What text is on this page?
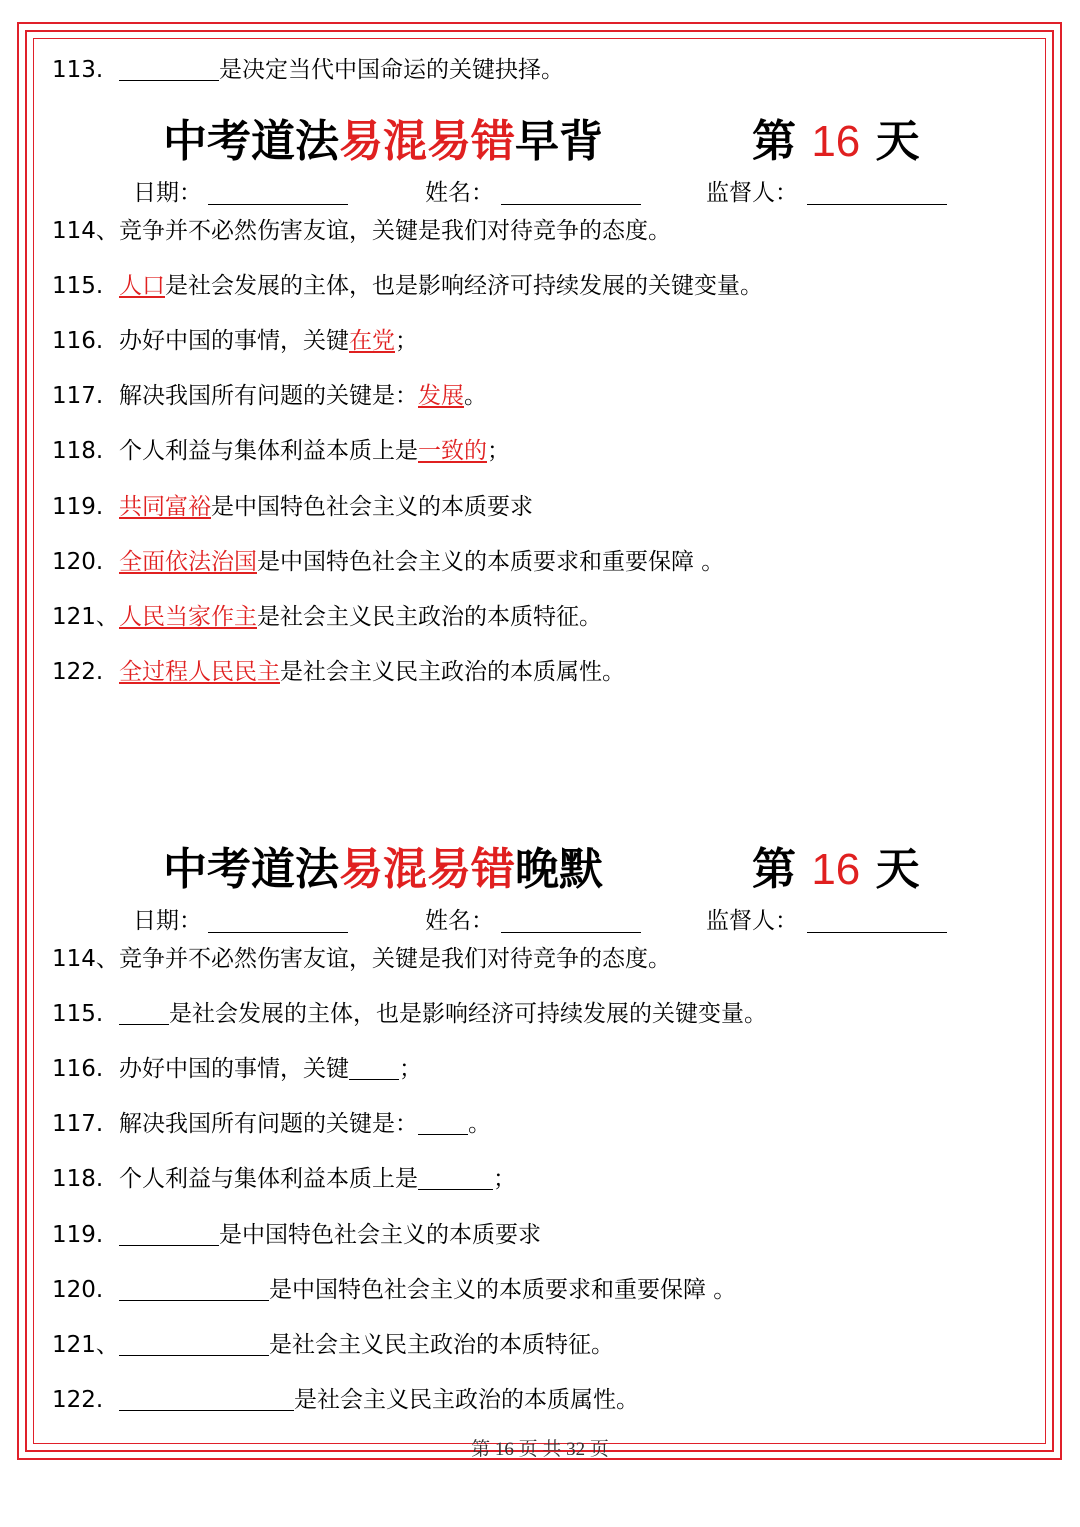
113.	是决定当代中国命运的关键抉择。
中考道法易混易错早背	第 16 天
日期：	姓名：	监督人：
114、竞争并不必然伤害友谊，关键是我们对待竞争的态度。
115. 人口是社会发展的主体，也是影响经济可持续发展的关键变量。
116. 办好中国的事情，关键在党；
117. 解决我国所有问题的关键是：发展。
118. 个人利益与集体利益本质上是一致的；
119. 共同富裕是中国特色社会主义的本质要求
120. 全面依法治国是中国特色社会主义的本质要求和重要保障 。
121、人民当家作主是社会主义民主政治的本质特征。
122. 全过程人民民主是社会主义民主政治的本质属性。
中考道法易混易错晚默	第 16 天
日期：	姓名：	监督人：
114、竞争并不必然伤害友谊，关键是我们对待竞争的态度。
115.	是社会发展的主体，也是影响经济可持续发展的关键变量。
116. 办好中国的事情，关键 ；
117. 解决我国所有问题的关键是： 。
118. 个人利益与集体利益本质上是	；
119.	是中国特色社会主义的本质要求
120.	是中国特色社会主义的本质要求和重要保障 。
121、	是社会主义民主政治的本质特征。
122.	是社会主义民主政治的本质属性。
第 16 页 共 32 页
